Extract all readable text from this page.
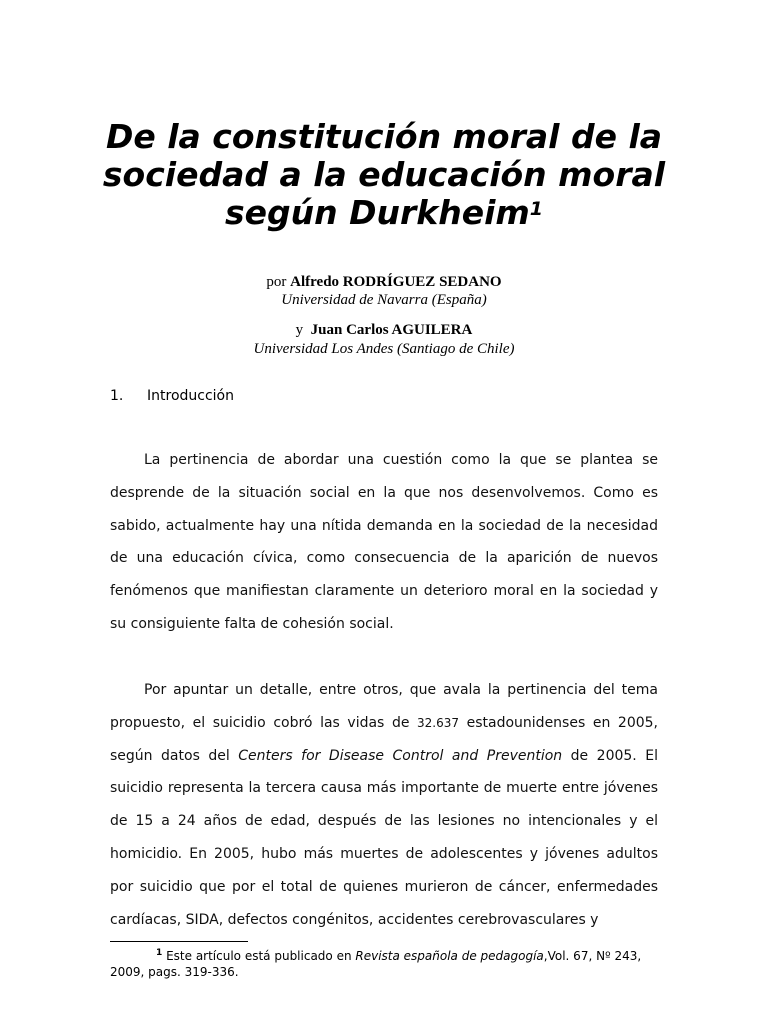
De la constitución moral de la sociedad a la educación moral según Durkheim$^1$
por Alfredo RODRÍGUEZ SEDANO
Universidad de Navarra (España)
y Juan Carlos AGUILERA
Universidad Los Andes (Santiago de Chile)
1. Introducción

La pertinencia de abordar una cuestión como la que se plantea se desprende de la situación social en la que nos desenvolvemos. Como es sabido, actualmente hay una nítida demanda en la sociedad de la necesidad de una educación cívica, como consecuencia de la aparición de nuevos fenómenos que manifiestan claramente un deterioro moral en la sociedad y su consiguiente falta de cohesión social.

Por apuntar un detalle, entre otros, que avala la pertinencia del tema propuesto, el suicidio cobró las vidas de 32.637 estadounidenses en 2005, según datos del Centers for Disease Control and Prevention de 2005. El suicidio representa la tercera causa más importante de muerte entre jóvenes de 15 a 24 años de edad, después de las lesiones no intencionales y el homicidio. En 2005, hubo más muertes de adolescentes y jóvenes adultos por suicidio que por el total de quienes murieron de cáncer, enfermedades cardíacas, SIDA, defectos congénitos, accidentes cerebrovasculares y

$^1$ Este artículo está publicado en Revista española de pedagogía,Vol. 67, Nº 243, 2009, pags. 319-336.
